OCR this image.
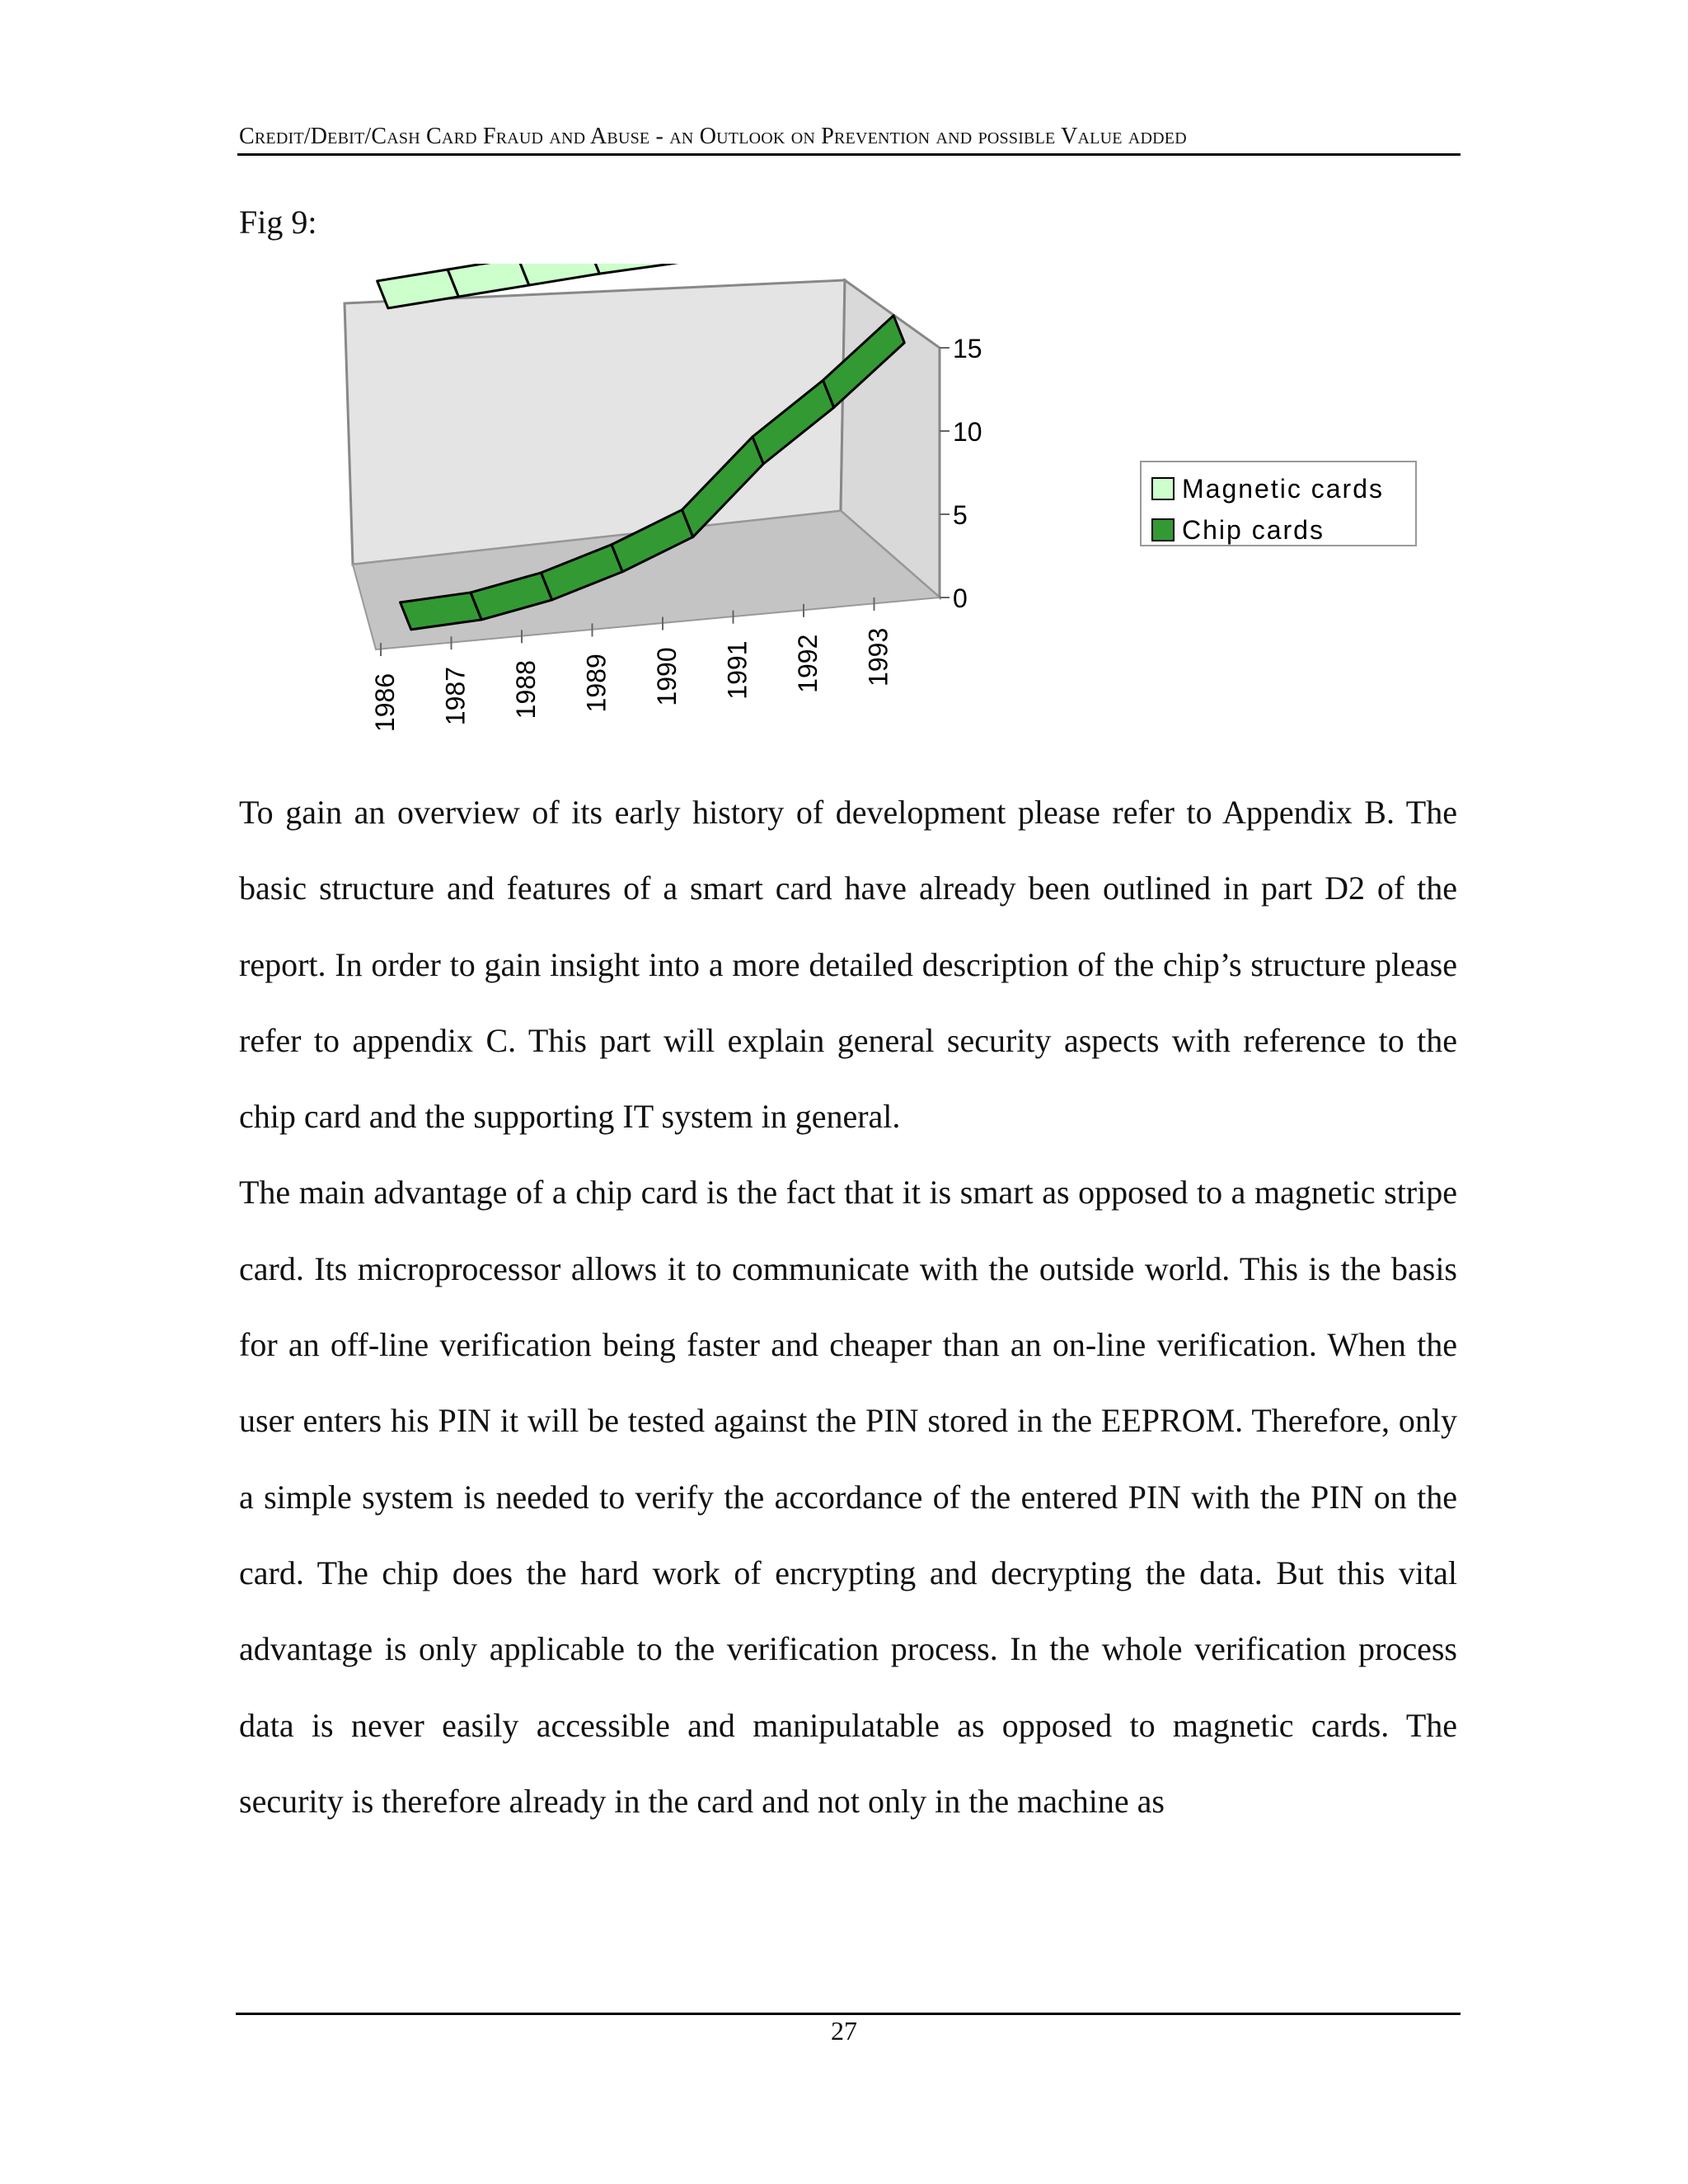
Credit/Debit/Cash Card Fraud and Abuse - an Outlook on Prevention and possible Value added
Fig 9:
0
5
10
15
1986 1987 1988 1989 1990 1991 1992 1993
Magnetic cards
Chip cards

To gain an overview of its early history of development please refer to Appendix B. The basic structure and features of a smart card have already been outlined in part D2 of the report. In order to gain insight into a more detailed description of the chip’s structure please refer to appendix C. This part will explain general security aspects with reference to the chip card and the supporting IT system in general.

The main advantage of a chip card is the fact that it is smart as opposed to a magnetic stripe card. Its microprocessor allows it to communicate with the outside world. This is the basis for an off-line verification being faster and cheaper than an on-line verification. When the user enters his PIN it will be tested against the PIN stored in the EEPROM. Therefore, only a simple system is needed to verify the accordance of the entered PIN with the PIN on the card. The chip does the hard work of encrypting and decrypting the data. But this vital advantage is only applicable to the verification process. In the whole verification process data is never easily accessible and manipulatable as opposed to magnetic cards. The security is therefore already in the card and not only in the machine as

27
